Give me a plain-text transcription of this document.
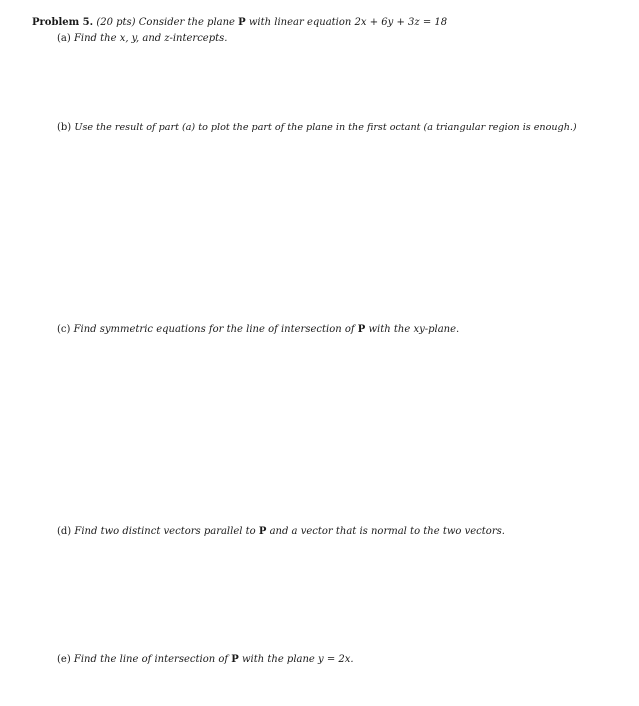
Problem 5. (20 pts) Consider the plane P with linear equation 2x + 6y + 3z = 18
(a) Find the x, y, and z-intercepts.
(b) Use the result of part (a) to plot the part of the plane in the first octant (a triangular region is enough.)
(c) Find symmetric equations for the line of intersection of P with the xy-plane.
(d) Find two distinct vectors parallel to P and a vector that is normal to the two vectors.
(e) Find the line of intersection of P with the plane y = 2x.
